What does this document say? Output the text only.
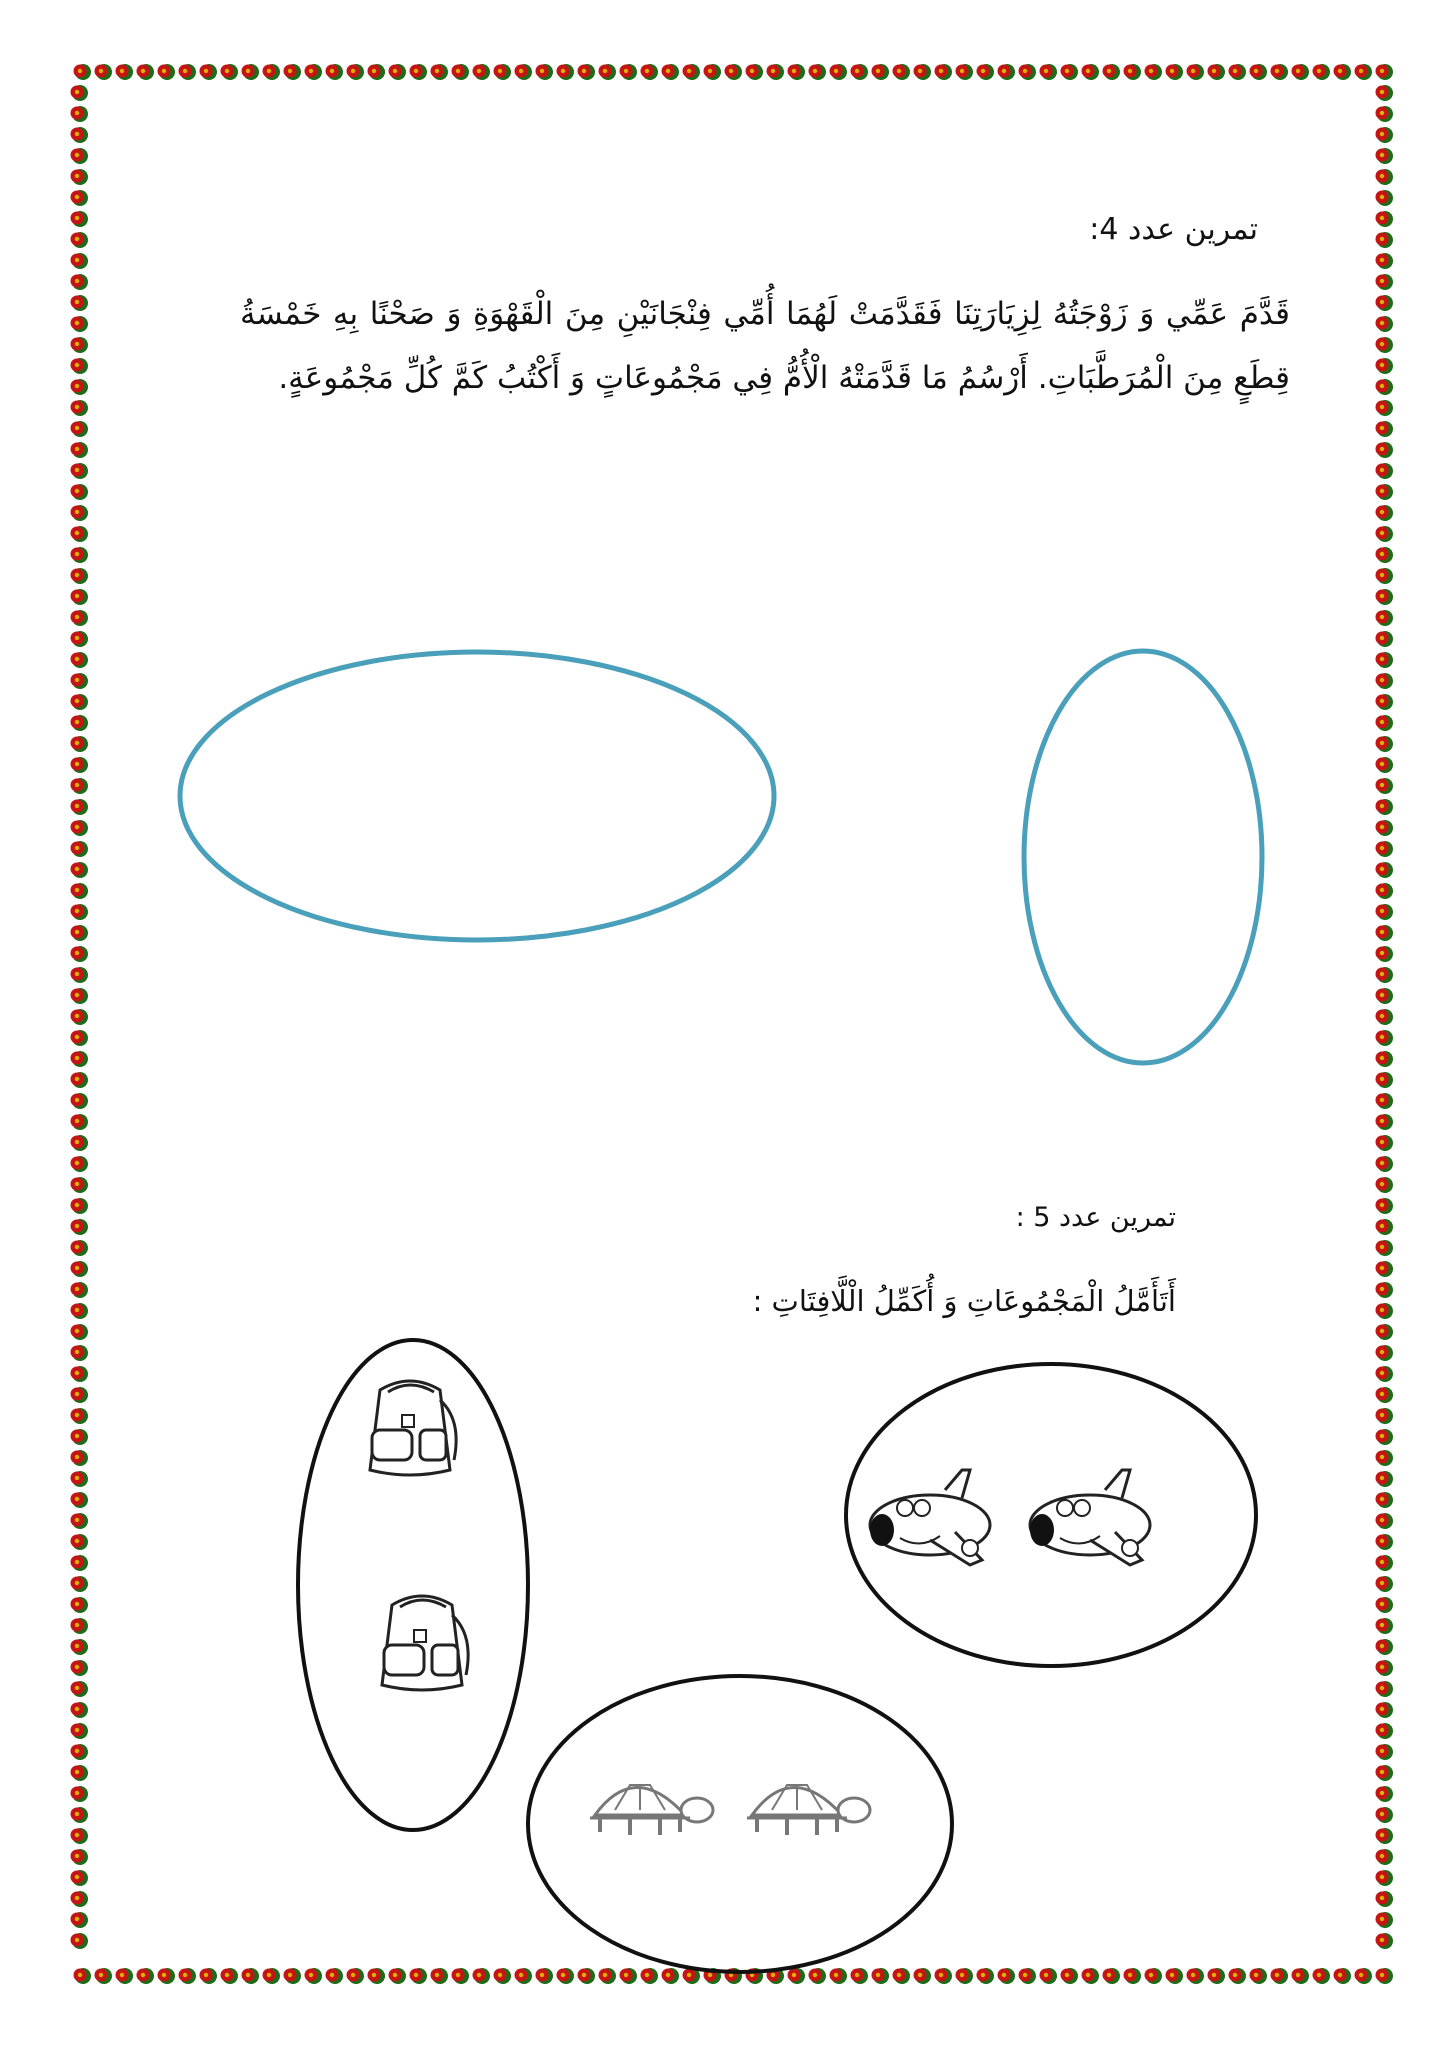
تمرين عدد 4:
قَدَّمَ عَمِّي وَ زَوْجَتُهُ لِزِيَارَتِنَا فَقَدَّمَتْ لَهُمَا أُمِّي فِنْجَانَيْنِ مِنَ الْقَهْوَةِ وَ صَحْنًا بِهِ خَمْسَةُ قِطَعٍ مِنَ الْمُرَطَّبَاتِ. أَرْسُمُ مَا قَدَّمَتْهُ الْأُمُّ فِي مَجْمُوعَاتٍ وَ أَكْتُبُ كَمَّ كُلِّ مَجْمُوعَةٍ.
تمرين عدد 5 :
أَتَأَمَّلُ الْمَجْمُوعَاتِ وَ أُكَمِّلُ الْلَّافِتَاتِ :
